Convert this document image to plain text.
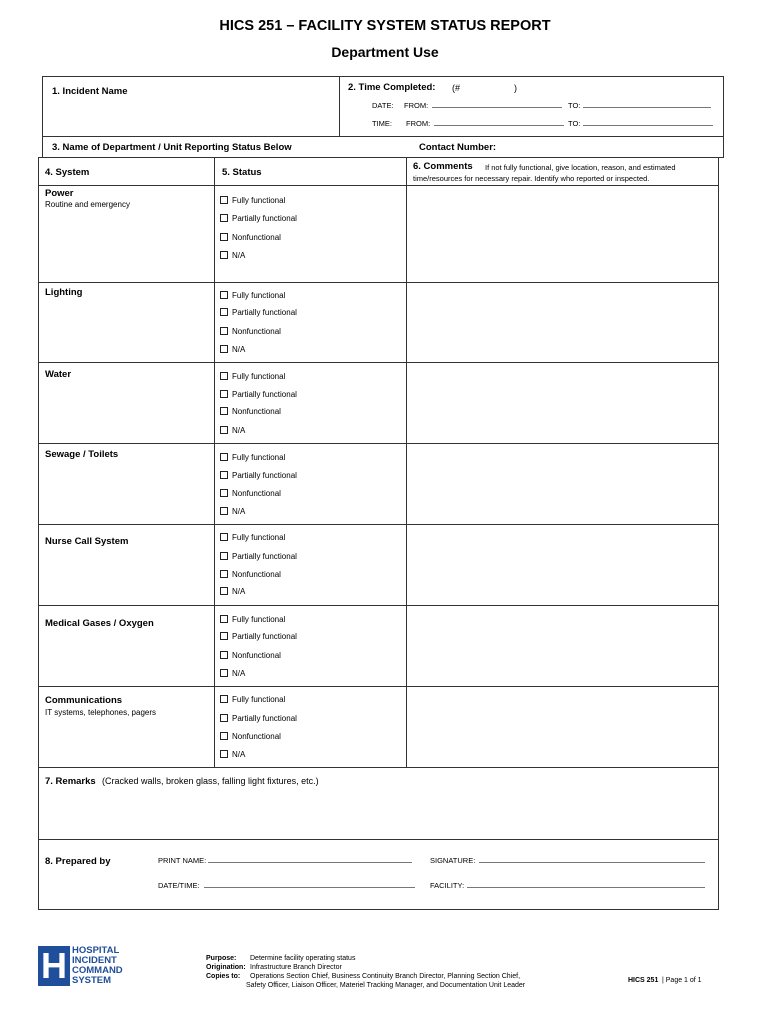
HICS 251 – FACILITY SYSTEM STATUS REPORT
Department Use
1. Incident Name	2. Time Completed: (#	)
DATE: FROM:	TO:
TIME: FROM:	TO:
3. Name of Department / Unit Reporting Status Below	Contact Number:
4. System	5. Status
6. Comments If not fully functional, give location, reason, and estimated
time/resources for necessary repair. Identify who reported or inspected.
Power
Routine and emergency	Fully functional
Partially functional
Nonfunctional
N/A
Lighting	Fully functional
Partially functional
Nonfunctional
N/A
Water	Fully functional
Partially functional
Nonfunctional
N/A
Sewage / Toilets	Fully functional
Partially functional
Nonfunctional
N/A
Nurse Call System	Fully functional
Partially functional
Nonfunctional
N/A
Medical Gases / Oxygen	Fully functional
Partially functional
Nonfunctional
N/A
Communications
IT systems, telephones, pagers
Fully functional
Partially functional
Nonfunctional
N/A
7. Remarks (Cracked walls, broken glass, falling light fixtures, etc.)
8. Prepared by	PRINT NAME:	SIGNATURE:
DATE/TIME:	FACILITY:
H HOSPITAL
INCIDENT
COMMAND
SYSTEM
Purpose: Determine facility operating status
Origination: Infrastructure Branch Director
Copies to: Operations Section Chief, Business Continuity Branch Director, Planning Section Chief,
Safety Officer, Liaison Officer, Materiel Tracking Manager, and Documentation Unit Leader
HICS 251 | Page 1 of 1
